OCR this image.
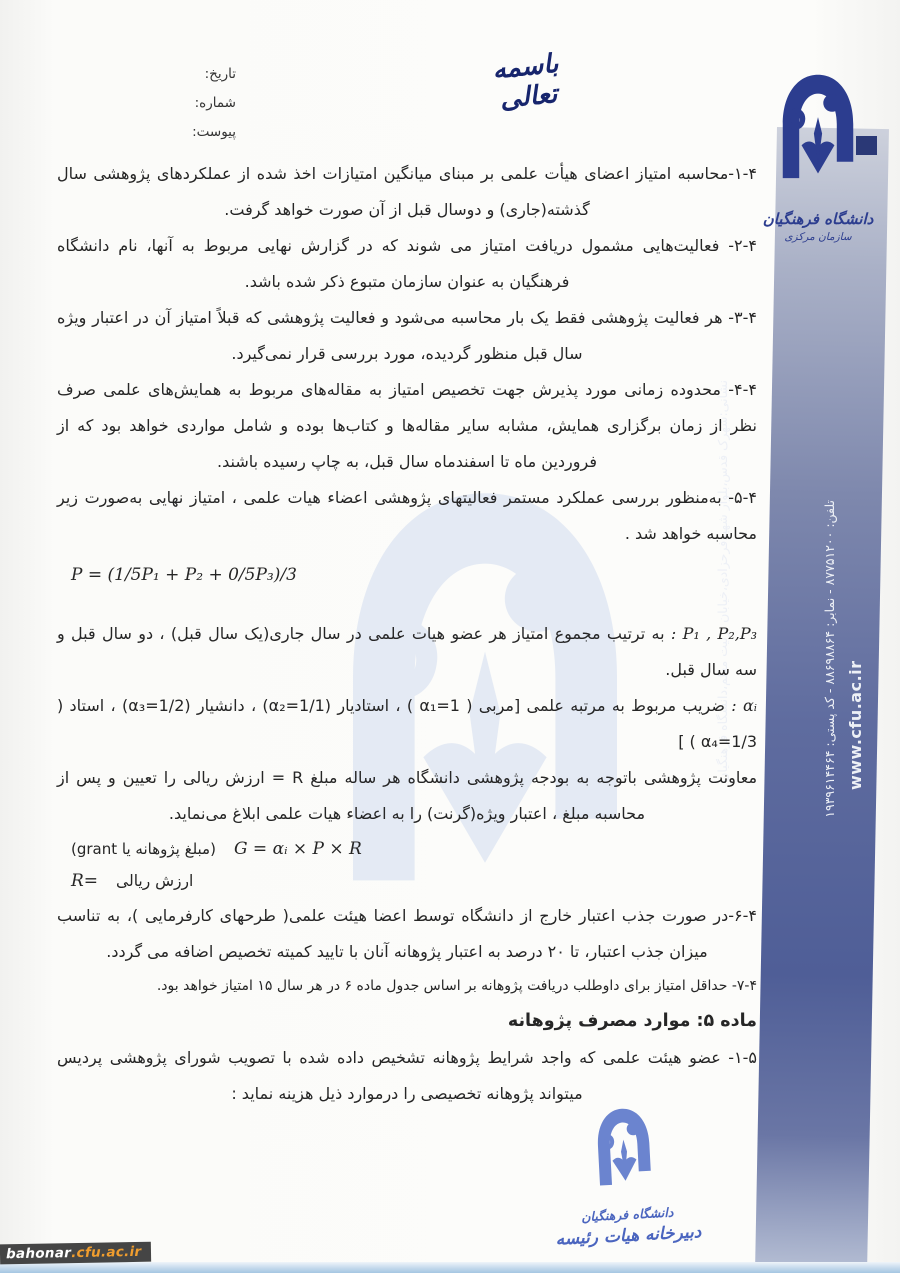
تاریخ:
شماره:
پیوست:
باسمه تعالی
دانشگاه فرهنگیان
سازمان مرکزی
نشانی:شهرک قدس،بلوار شهیدفرحزادی،خیابان تربیت معلم،دانشگاه فرهنگیان
تلفن: ۸۷۷۵۱۲۰۰ - نمابر: ۸۸۶۹۸۸۶۴ - کد پستی: ۱۹۳۹۶۱۴۴۶۴
www.cfu.ac.ir

۱-۴-محاسبه امتیاز اعضای هیأت علمی بر مبنای میانگین امتیازات اخذ شده از عملکردهای پژوهشی سال گذشته(جاری) و دوسال قبل از آن صورت خواهد گرفت.

۲-۴- فعالیت‌هایی مشمول دریافت امتیاز می شوند که در گزارش نهایی مربوط به آنها، نام دانشگاه فرهنگیان به عنوان سازمان متبوع ذکر شده باشد.

۳-۴- هر فعالیت پژوهشی فقط یک بار محاسبه می‌شود و فعالیت پژوهشی که قبلاً امتیاز آن در اعتبار ویژه سال قبل منظور گردیده، مورد بررسی قرار نمی‌گیرد.

۴-۴- محدوده زمانی مورد پذیرش جهت تخصیص امتیاز به مقاله‌های مربوط به همایش‌های علمی صرف نظر از زمان برگزاری همایش، مشابه سایر مقاله‌ها و کتاب‌ها بوده و شامل مواردی خواهد بود که از فروردین ماه تا اسفندماه سال قبل، به چاپ رسیده باشند.

۵-۴- به‌منظور بررسی عملکرد مستمر فعالیتهای پژوهشی اعضاء هیات علمی ، امتیاز نهایی به‌صورت زیر محاسبه خواهد شد .

P = (1/5P₁ + P₂ + 0/5P₃)/3

P₁ , P₂,P₃ : به ترتیب مجموع امتیاز هر عضو هیات علمی در سال جاری(یک سال قبل) ، دو سال قبل و سه سال قبل.

αᵢ : ضریب مربوط به مرتبه علمی [مربی ( α₁=1 ) ، استادیار (α₂=1/1) ، دانشیار (α₃=1/2) ، استاد ( α₄=1/3 ) ]

معاونت پژوهشی باتوجه به بودجه پژوهشی دانشگاه هر ساله مبلغ R = ارزش ریالی را تعیین و پس از محاسبه مبلغ ، اعتبار ویژه(گرنت) را به اعضاء هیات علمی ابلاغ می‌نماید.

(مبلغ پژوهانه یا grant) G = αᵢ × P × R
R= ارزش ریالی

۶-۴-در صورت جذب اعتبار خارج از دانشگاه توسط اعضا هیئت علمی( طرحهای کارفرمایی )، به تناسب میزان جذب اعتبار، تا ۲۰ درصد به اعتبار پژوهانه آنان با تایید کمیته تخصیص اضافه می گردد.

۷-۴- حداقل امتیاز برای داوطلب دریافت پژوهانه بر اساس جدول ماده ۶ در هر سال ۱۵ امتیاز خواهد بود.

ماده ۵: موارد مصرف پژوهانه

۱-۵- عضو هیئت علمی که واجد شرایط پژوهانه تشخیص داده شده با تصویب شورای پژوهشی پردیس میتواند پژوهانه تخصیصی را درموارد ذیل هزینه نماید :

دانشگاه فرهنگیان
دبیرخانه هیات رئیسه
bahonar .cfu.ac.ir
